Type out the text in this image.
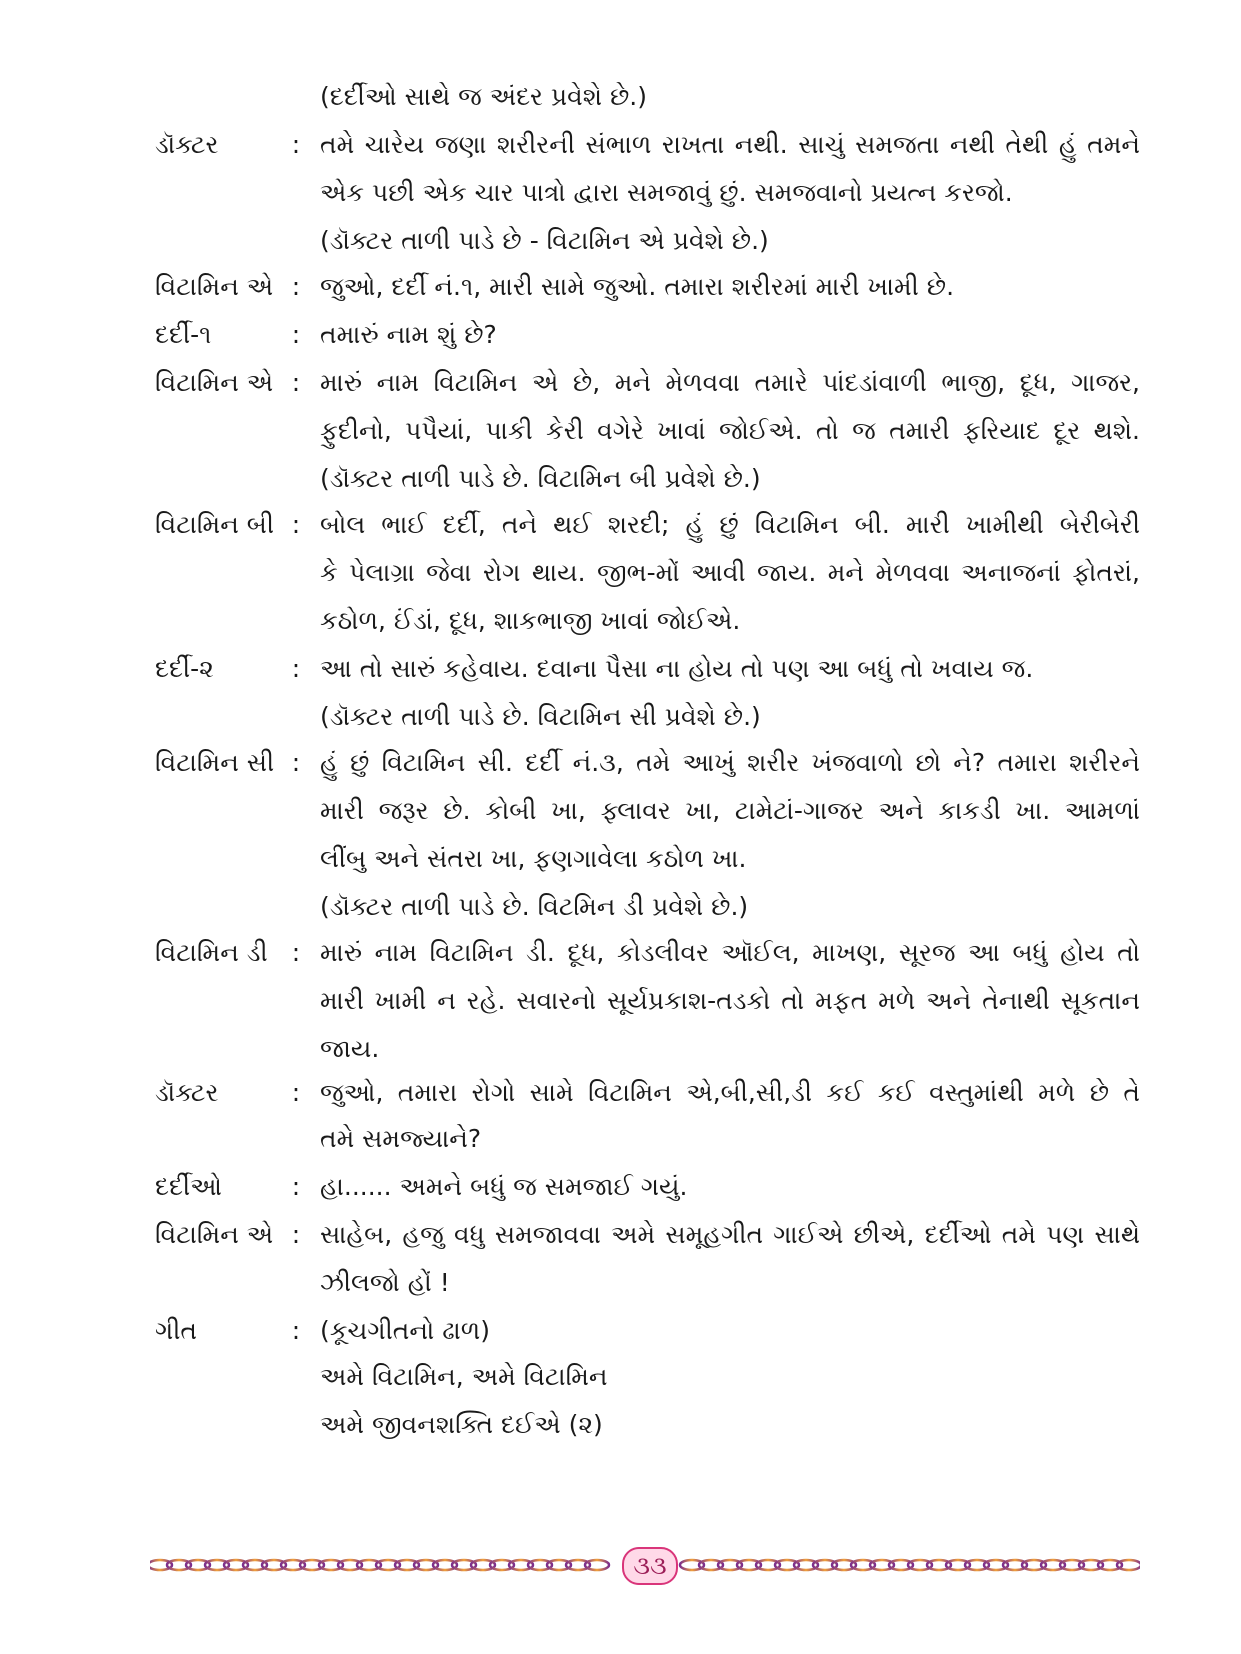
(દર્દીઓ સાથે જ અંદર પ્રવેશે છે.)
ડૉક્ટર	: તમે ચારેય જણા શરીરની સંભાળ રાખતા નથી. સાચું સમજતા નથી તેથી હું તમને
એક પછી એક ચાર પાત્રો દ્વારા સમજાવું છું. સમજવાનો પ્રયત્ન કરજો.
(ડૉક્ટર તાળી પાડે છે - વિટામિન એ પ્રવેશે છે.)
વિટામિન એ : જુઓ, દર્દી નં.૧, મારી સામે જુઓ. તમારા શરીરમાં મારી ખામી છે.
દર્દી-૧	: તમારું નામ શું છે?
વિટામિન એ : મારું નામ વિટામિન એ છે, મને મેળવવા તમારે પાંદડાંવાળી ભાજી, દૂધ, ગાજર,
ફુદીનો, પપૈયાં, પાકી કેરી વગેરે ખાવાં જોઈએ. તો જ તમારી ફરિયાદ દૂર થશે.
(ડૉક્ટર તાળી પાડે છે. વિટામિન બી પ્રવેશે છે.)
વિટામિન બી : બોલ ભાઈ દર્દી, તને થઈ શરદી; હું છું વિટામિન બી. મારી ખામીથી બેરીબેરી
કે પેલાગ્રા જેવા રોગ થાય. જીભ-મોં આવી જાય. મને મેળવવા અનાજનાં ફોતરાં,
કઠોળ, ઈંડાં, દૂધ, શાકભાજી ખાવાં જોઈએ.
દર્દી-૨	: આ તો સારું કહેવાય. દવાના પૈસા ના હોય તો પણ આ બધું તો ખવાય જ.
(ડૉક્ટર તાળી પાડે છે. વિટામિન સી પ્રવેશે છે.)
વિટામિન સી : હું છું વિટામિન સી. દર્દી નં.૩, તમે આખું શરીર ખંજવાળો છો ને? તમારા શરીરને
મારી જરૂર છે. કોબી ખા, ફ્લાવર ખા, ટામેટાં-ગાજર અને કાકડી ખા. આમળાં
લીંબુ અને સંતરા ખા, ફણગાવેલા કઠોળ ખા.
(ડૉક્ટર તાળી પાડે છે. વિટમિન ડી પ્રવેશે છે.)
વિટામિન ડી : મારું નામ વિટામિન ડી. દૂધ, કોડલીવર ઑઈલ, માખણ, સૂરજ આ બધું હોય તો
મારી ખામી ન રહે. સવારનો સૂર્યપ્રકાશ-તડકો તો મફત મળે અને તેનાથી સૂકતાન
જાય.
ડૉક્ટર	: જુઓ, તમારા રોગો સામે વિટામિન એ,બી,સી,ડી કઈ કઈ વસ્તુમાંથી મળે છે તે
તમે સમજ્યાને?
દર્દીઓ	: હા...... અમને બધું જ સમજાઈ ગયું.
વિટામિન એ : સાહેબ, હજુ વધુ સમજાવવા અમે સમૂહગીત ગાઈએ છીએ, દર્દીઓ તમે પણ સાથે
ઝીલજો હોં !
ગીત	: (કૂચગીતનો ઢાળ)
અમે વિટામિન, અમે વિટામિન
અમે જીવનશક્તિ દઈએ (૨)
૩૩
